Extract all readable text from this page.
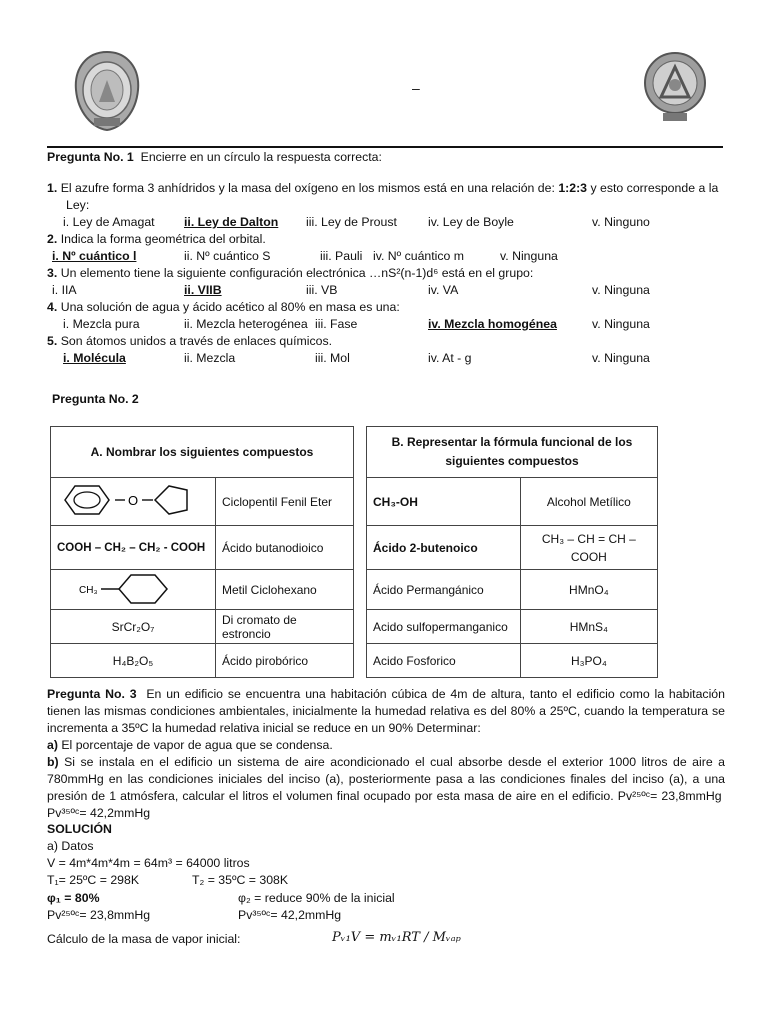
–
Pregunta No. 1 Encierre en un círculo la respuesta correcta:
1. El azufre forma 3 anhídridos y la masa del oxígeno en los mismos está en una relación de: 1:2:3 y esto corresponde a la
Ley:
i. Ley de Amagat ii. Ley de Dalton iii. Ley de Proust	iv. Ley de Boyle	v. Ninguno
2. Indica la forma geométrica del orbital.
i. Nº cuántico l	ii. Nº cuántico S	iii. Pauli iv. Nº cuántico m	v. Ninguna
3. Un elemento tiene la siguiente configuración electrónica …nS²(n-1)d⁶ está en el grupo:
i. IIA	ii. VIIB	iii. VB	iv. VA	v. Ninguna
4. Una solución de agua y ácido acético al 80% en masa es una:
i. Mezcla pura	ii. Mezcla heterogénea iii. Fase	iv. Mezcla homogénea	v. Ninguna
5. Son átomos unidos a través de enlaces químicos.
i. Molécula	ii. Mezcla	iii. Mol	iv. At - g	v. Ninguna
Pregunta No. 2
A. Nombrar los siguientes compuestos	

O	Ciclopentil Fenil Eter
COOH – CH₂ – CH₂ - COOH	Ácido butanodioico

CH₃	Metil Ciclohexano
SrCr₂O₇	Di cromato de estroncio
H₄B₂O₅	Ácido pirobórico
B. Representar la fórmula funcional de los
siguientes compuestos	
CH₃-OH	Alcohol Metílico
Ácido 2-butenoico	CH₃ – CH = CH –
COOH
Ácido Permangánico	HMnO₄
Acido sulfopermanganico	HMnS₄
Acido Fosforico	H₃PO₄
Pregunta No. 3 En un edificio se encuentra una habitación cúbica de 4m de altura, tanto el edificio como la habitación tienen las mismas condiciones ambientales, inicialmente la humedad relativa es del 80% a 25ºC, cuando la temperatura se incrementa a 35ºC la humedad relativa inicial se reduce en un 90% Determinar:
a) El porcentaje de vapor de agua que se condensa.
b) Si se instala en el edificio un sistema de aire acondicionado el cual absorbe desde el exterior 1000 litros de aire a 780mmHg en las condiciones iniciales del inciso (a), posteriormente pasa a las condiciones finales del inciso (a), a una presión de 1 atmósfera, calcular el litros el volumen final ocupado por esta masa de aire en el edificio. Pv²⁵ºᶜ= 23,8mmHg  Pv³⁵ºᶜ= 42,2mmHg
SOLUCIÓN
a) Datos
V = 4m*4m*4m = 64m³ = 64000 litros
T₁= 25ºC = 298K	T₂ = 35ºC = 308K
φ₁ = 80%	φ₂ = reduce 90% de la inicial
Pv²⁵ºᶜ= 23,8mmHg	Pv³⁵ºᶜ= 42,2mmHg
Cálculo de la masa de vapor inicial:	Pᵥ₁V = mᵥ₁RT / Mᵥₐₚ
